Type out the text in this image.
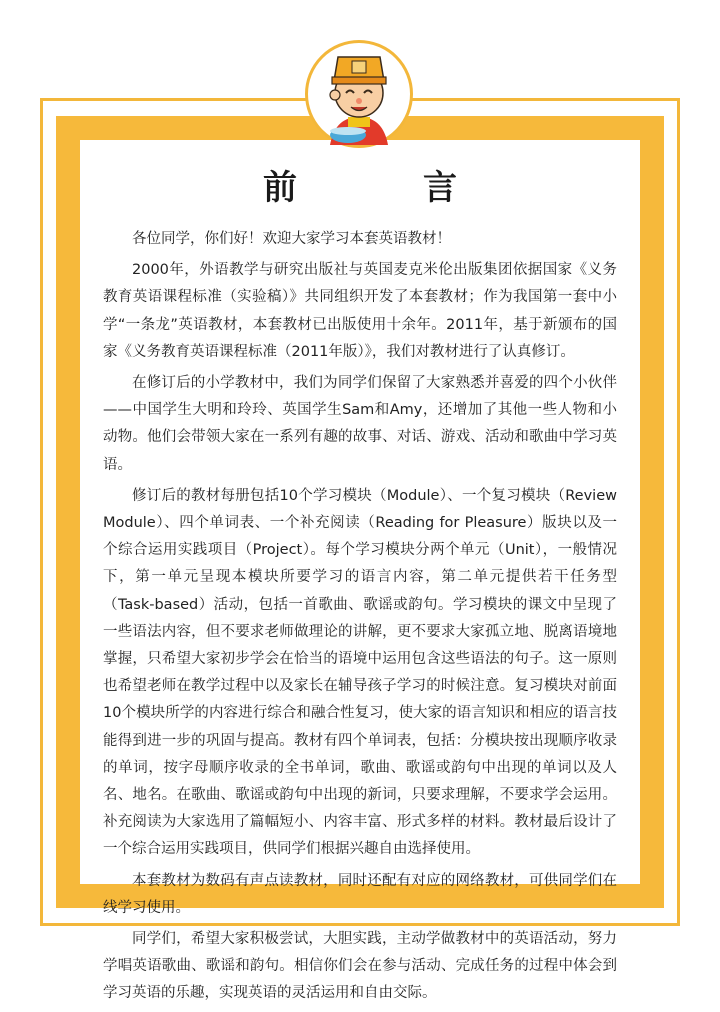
前　言

各位同学，你们好！欢迎大家学习本套英语教材！

2000年，外语教学与研究出版社与英国麦克米伦出版集团依据国家《义务教育英语课程标准（实验稿）》共同组织开发了本套教材；作为我国第一套中小学“一条龙”英语教材，本套教材已出版使用十余年。2011年，基于新颁布的国家《义务教育英语课程标准（2011年版）》，我们对教材进行了认真修订。

在修订后的小学教材中，我们为同学们保留了大家熟悉并喜爱的四个小伙伴——中国学生大明和玲玲、英国学生Sam和Amy，还增加了其他一些人物和小动物。他们会带领大家在一系列有趣的故事、对话、游戏、活动和歌曲中学习英语。

修订后的教材每册包括10个学习模块（Module）、一个复习模块（Review Module）、四个单词表、一个补充阅读（Reading for Pleasure）版块以及一个综合运用实践项目（Project）。每个学习模块分两个单元（Unit），一般情况下，第一单元呈现本模块所要学习的语言内容，第二单元提供若干任务型（Task-based）活动，包括一首歌曲、歌谣或韵句。学习模块的课文中呈现了一些语法内容，但不要求老师做理论的讲解，更不要求大家孤立地、脱离语境地掌握，只希望大家初步学会在恰当的语境中运用包含这些语法的句子。这一原则也希望老师在教学过程中以及家长在辅导孩子学习的时候注意。复习模块对前面10个模块所学的内容进行综合和融合性复习，使大家的语言知识和相应的语言技能得到进一步的巩固与提高。教材有四个单词表，包括：分模块按出现顺序收录的单词，按字母顺序收录的全书单词，歌曲、歌谣或韵句中出现的单词以及人名、地名。在歌曲、歌谣或韵句中出现的新词，只要求理解，不要求学会运用。补充阅读为大家选用了篇幅短小、内容丰富、形式多样的材料。教材最后设计了一个综合运用实践项目，供同学们根据兴趣自由选择使用。

本套教材为数码有声点读教材，同时还配有对应的网络教材，可供同学们在线学习使用。

同学们，希望大家积极尝试，大胆实践，主动学做教材中的英语活动，努力学唱英语歌曲、歌谣和韵句。相信你们会在参与活动、完成任务的过程中体会到学习英语的乐趣，实现英语的灵活运用和自由交际。
